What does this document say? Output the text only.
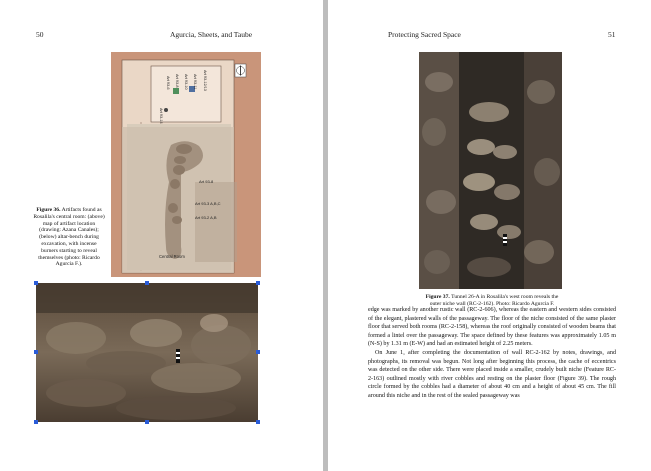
50	Agurcia, Sheets, and Taube
Art 93-6 Art 93-8 Art 93-10 Art 93-11 Art 93-12/13
Art 93-14
Art 93-8
Art 93-3 A,B,C
Art 93-2 A,B
Central Room
Figure 36. Artifacts found as Rosalila's central room: (above) map of artifact location (drawing: Azana Canales); (below) altar-bench during excavation, with incense burners starting to reveal themselves (photo: Ricardo Agurcia F.).
Protecting Sacred Space	51
Figure 37. Tunnel 26-A in Rosalila's west room reveals the outer niche wall (RC-2-162). Photo: Ricardo Agurcia F.

edge was marked by another rustic wall (RC-2-606), whereas the eastern and western sides consisted of the elegant, plastered walls of the passageway. The floor of the niche consisted of the same plaster floor that served both rooms (RC-2-158), whereas the roof originally consisted of wooden beams that formed a lintel over the passageway. The space defined by these features was approximately 1.05 m (N-S) by 1.31 m (E-W) and had an estimated height of 2.25 meters.

On June 1, after completing the documentation of wall RC-2-162 by notes, drawings, and photographs, its removal was begun. Not long after beginning this process, the cache of eccentrics was detected on the other side. There were placed inside a smaller, crudely built niche (Feature RC-2-163) outlined mostly with river cobbles and resting on the plaster floor (Figure 39). The rough circle formed by the cobbles had a diameter of about 40 cm and a height of about 45 cm. The fill around this niche and in the rest of the sealed passageway was
